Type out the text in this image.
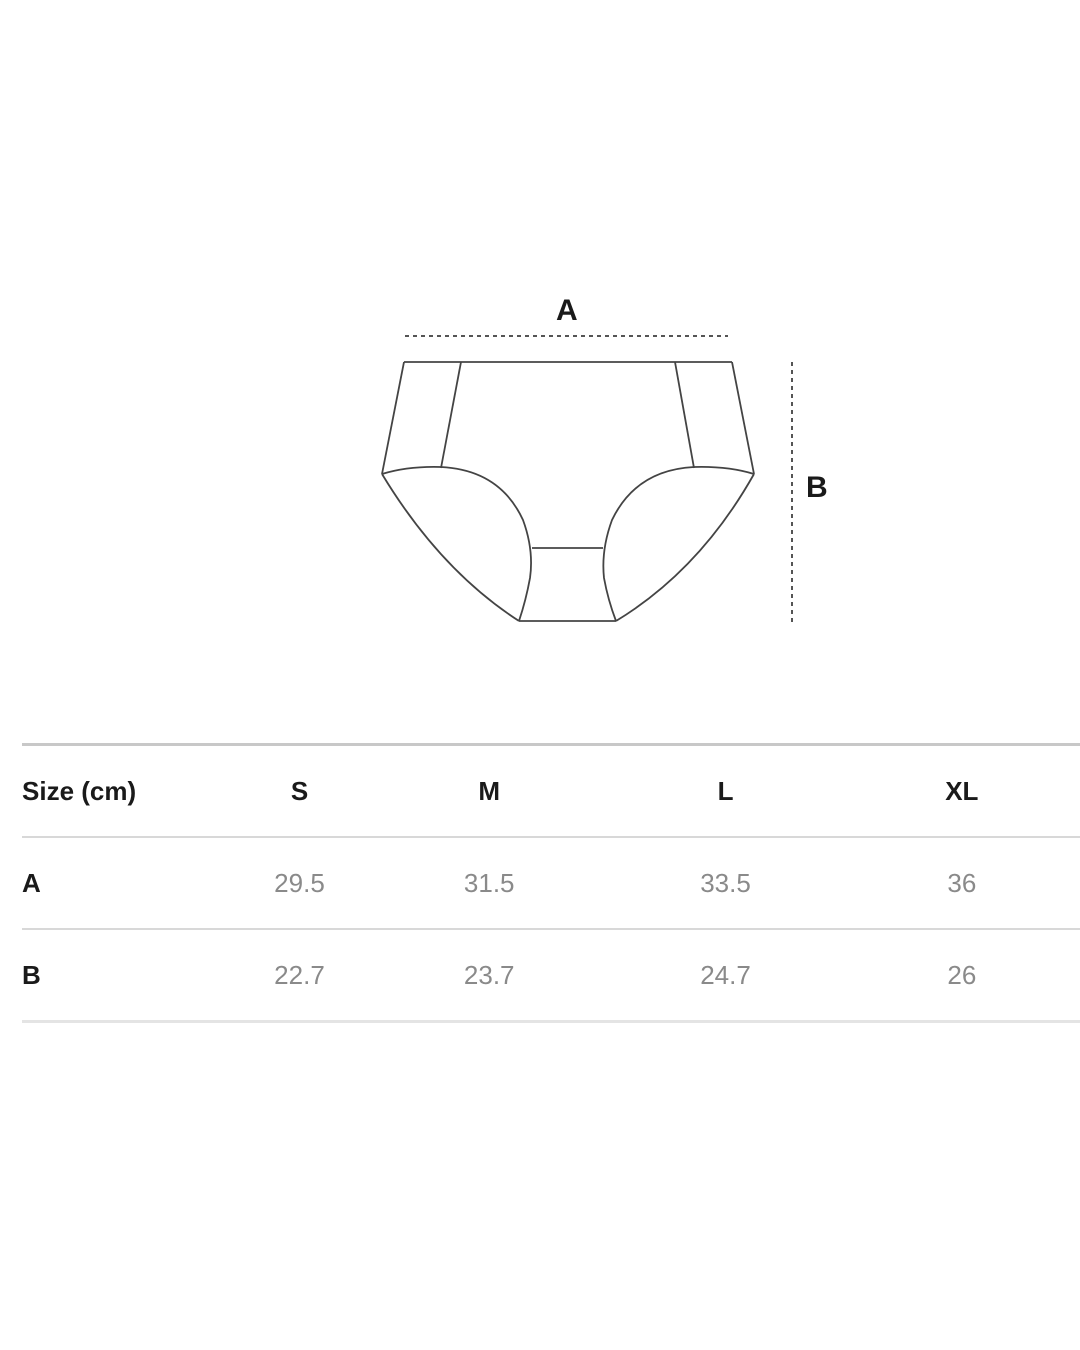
A
B
Size (cm)	S	M	L	XL
A	29.5	31.5	33.5	36
B	22.7	23.7	24.7	26
